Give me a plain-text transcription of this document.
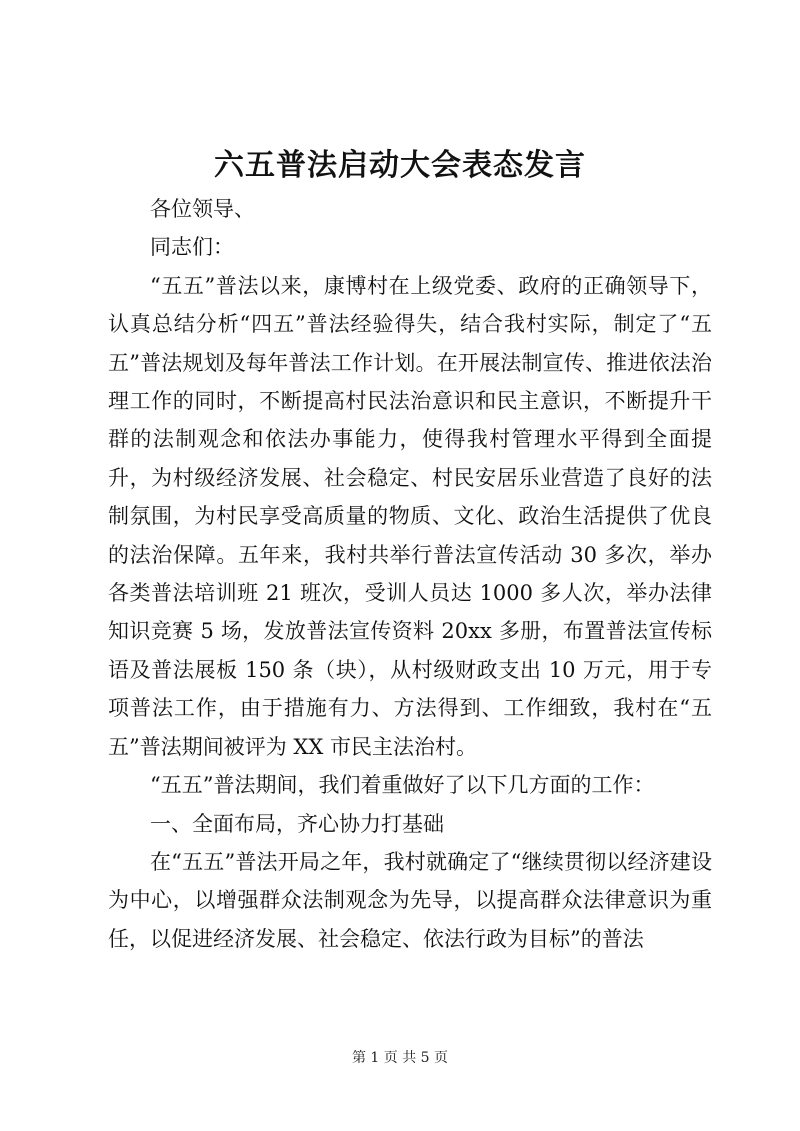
六五普法启动大会表态发言

各位领导、

同志们：

“五五”普法以来，康博村在上级党委、政府的正确领导下，认真总结分析“四五”普法经验得失，结合我村实际，制定了“五五”普法规划及每年普法工作计划。在开展法制宣传、推进依法治理工作的同时，不断提高村民法治意识和民主意识，不断提升干群的法制观念和依法办事能力，使得我村管理水平得到全面提升，为村级经济发展、社会稳定、村民安居乐业营造了良好的法制氛围，为村民享受高质量的物质、文化、政治生活提供了优良的法治保障。五年来，我村共举行普法宣传活动 30 多次，举办各类普法培训班 21 班次，受训人员达 1000 多人次，举办法律知识竞赛 5 场，发放普法宣传资料 20xx 多册，布置普法宣传标语及普法展板 150 条（块），从村级财政支出 10 万元，用于专项普法工作，由于措施有力、方法得到、工作细致，我村在“五五”普法期间被评为 XX 市民主法治村。

“五五”普法期间，我们着重做好了以下几方面的工作：

一、全面布局，齐心协力打基础

在“五五”普法开局之年，我村就确定了“继续贯彻以经济建设为中心，以增强群众法制观念为先导，以提高群众法律意识为重任，以促进经济发展、社会稳定、依法行政为目标”的普法

第 1 页 共 5 页
